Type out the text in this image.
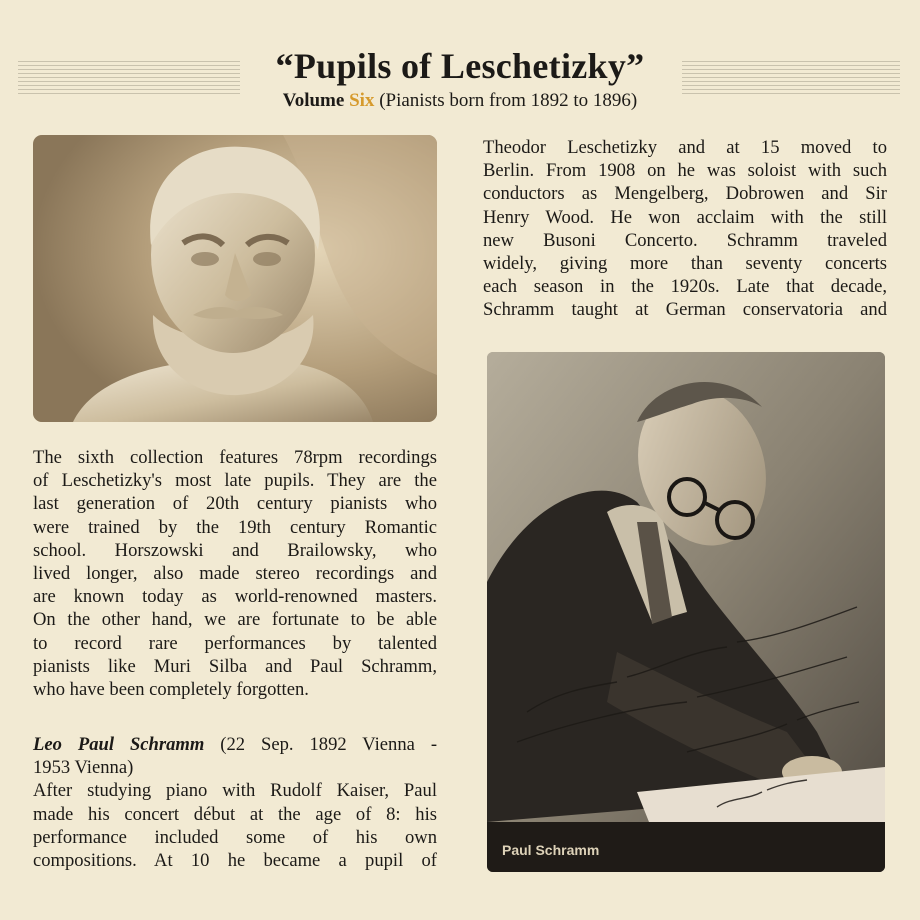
“Pupils of Leschetizky”
Volume Six (Pianists born from 1892 to 1896)
Theodor Leschetizky and at 15 moved to
Berlin. From 1908 on he was soloist with such
conductors as Mengelberg, Dobrowen and Sir
Henry Wood. He won acclaim with the still
new Busoni Concerto. Schramm traveled
widely, giving more than seventy concerts
each season in the 1920s. Late that decade,
Schramm taught at German conservatoria and
Paul Schramm
The sixth collection features 78rpm recordings
of Leschetizky's most late pupils. They are the
last generation of 20th century pianists who
were trained by the 19th century Romantic
school. Horszowski and Brailowsky, who
lived longer, also made stereo recordings and
are known today as world-renowned masters.
On the other hand, we are fortunate to be able
to record rare performances by talented
pianists like Muri Silba and Paul Schramm,
who have been completely forgotten.
Leo Paul Schramm (22 Sep. 1892 Vienna -
1953 Vienna)
After studying piano with Rudolf Kaiser, Paul
made his concert début at the age of 8: his
performance included some of his own
compositions. At 10 he became a pupil of
